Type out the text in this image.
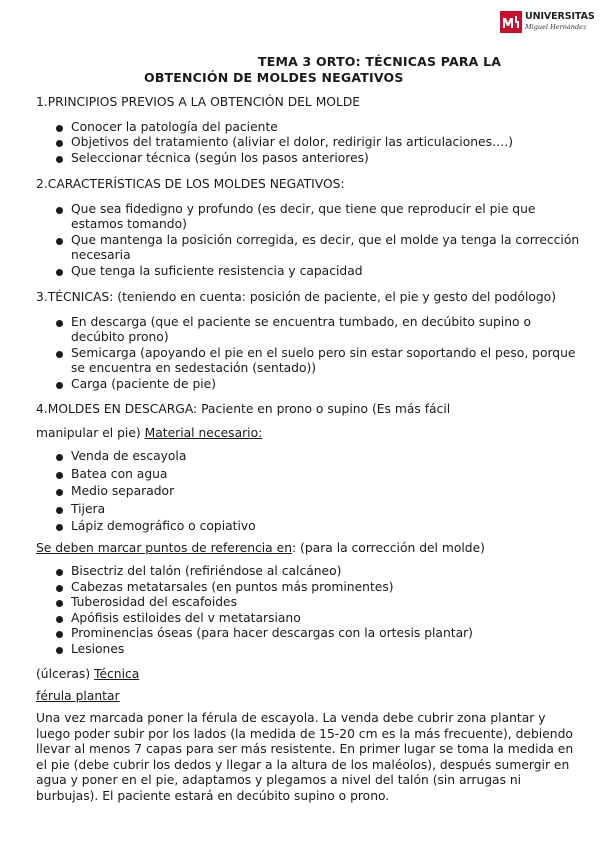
UNIVERSITAS
Miguel Hernández
TEMA 3 ORTO: TÉCNICAS PARA LA
OBTENCIÓN DE MOLDES NEGATIVOS

1.PRINCIPIOS PREVIOS A LA OBTENCIÓN DEL MOLDE

Conocer la patología del paciente
Objetivos del tratamiento (aliviar el dolor, redirigir las articulaciones….)
Seleccionar técnica (según los pasos anteriores)

2.CARACTERÍSTICAS DE LOS MOLDES NEGATIVOS:

Que sea fidedigno y profundo (es decir, que tiene que reproducir el pie que estamos tomando)
Que mantenga la posición corregida, es decir, que el molde ya tenga la corrección necesaria
Que tenga la suficiente resistencia y capacidad

3.TÉCNICAS: (teniendo en cuenta: posición de paciente, el pie y gesto del podólogo)

En descarga (que el paciente se encuentra tumbado, en decúbito supino o decúbito prono)
Semicarga (apoyando el pie en el suelo pero sin estar soportando el peso, porque se encuentra en sedestación (sentado))
Carga (paciente de pie)

4.MOLDES EN DESCARGA: Paciente en prono o supino (Es más fácil

manipular el pie) Material necesario:

Venda de escayola
Batea con agua
Medio separador
Tijera
Lápiz demográfico o copiativo

Se deben marcar puntos de referencia en: (para la corrección del molde)

Bisectriz del talón (refiriéndose al calcáneo)
Cabezas metatarsales (en puntos más prominentes)
Tuberosidad del escafoides
Apófisis estiloides del v metatarsiano
Prominencias óseas (para hacer descargas con la ortesis plantar)
Lesiones

(úlceras) Técnica

férula plantar

Una vez marcada poner la férula de escayola. La venda debe cubrir zona plantar y luego poder subir por los lados (la medida de 15-20 cm es la más frecuente), debiendo llevar al menos 7 capas para ser más resistente. En primer lugar se toma la medida en el pie (debe cubrir los dedos y llegar a la altura de los maléolos), después sumergir en agua y poner en el pie, adaptamos y plegamos a nivel del talón (sin arrugas ni burbujas). El paciente estará en decúbito supino o prono.
